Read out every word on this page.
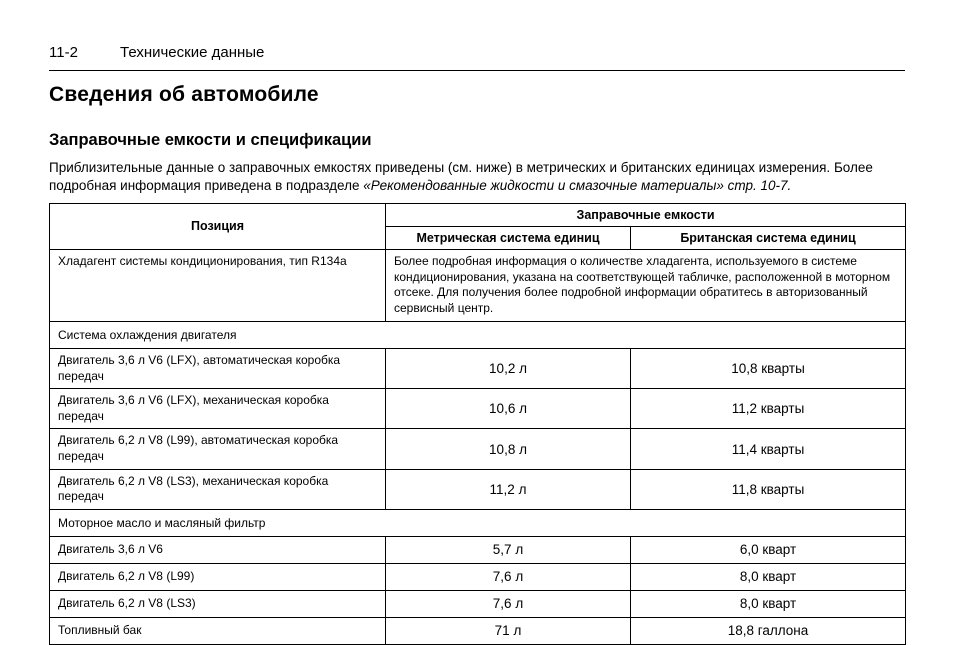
11-2	Технические данные
Сведения об автомобиле
Заправочные емкости и спецификации

Приблизительные данные о заправочных емкостях приведены (см. ниже) в метрических и британских единицах измерения. Более подробная информация приведена в подразделе «Рекомендованные жидкости и смазочные материалы» стр. 10-7.

Позиция	Заправочные емкости	
	Метрическая система единиц	Британская система единиц
Хладагент системы кондиционирования, тип R134a	Более подробная информация о количестве хладагента, используемого в системе кондиционирования, указана на соответствующей табличке, расположенной в моторном отсеке. Для получения более подробной информации обратитесь в авторизованный сервисный центр.	
Система охлаждения двигателя		
Двигатель 3,6 л V6 (LFX), автоматическая коробка передач	10,2 л	10,8 кварты
Двигатель 3,6 л V6 (LFX), механическая коробка передач	10,6 л	11,2 кварты
Двигатель 6,2 л V8 (L99), автоматическая коробка передач	10,8 л	11,4 кварты
Двигатель 6,2 л V8 (LS3), механическая коробка передач	11,2 л	11,8 кварты
Моторное масло и масляный фильтр		
Двигатель 3,6 л V6	5,7 л	6,0 кварт
Двигатель 6,2 л V8 (L99)	7,6 л	8,0 кварт
Двигатель 6,2 л V8 (LS3)	7,6 л	8,0 кварт
Топливный бак	71 л	18,8 галлона
